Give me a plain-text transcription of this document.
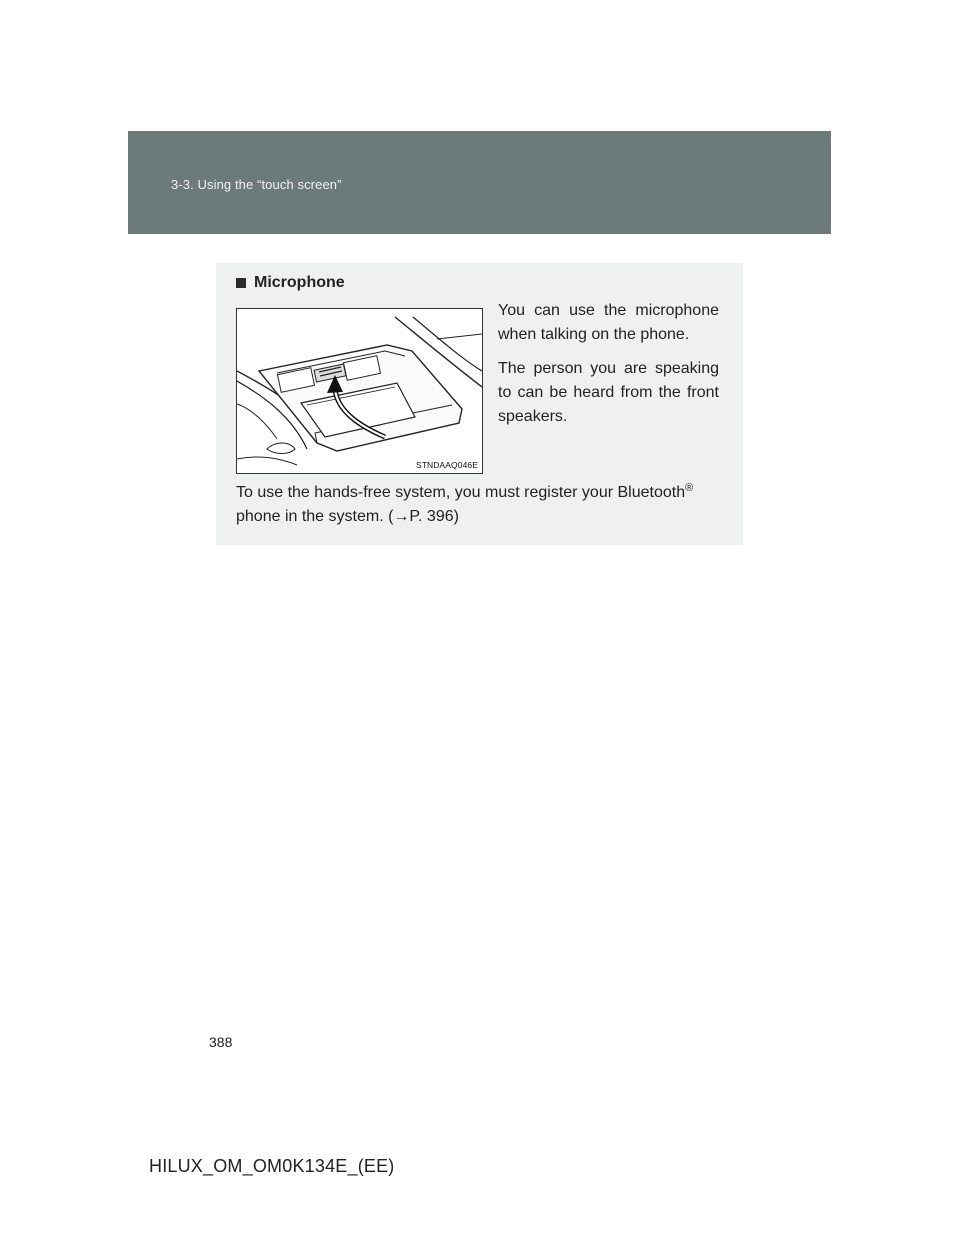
3-3. Using the “touch screen”
Microphone
STNDAAQ046E

You can use the microphone when talking on the phone.

The person you are speaking to can be heard from the front speakers.

To use the hands-free system, you must register your Bluetooth®
phone in the system. (→P. 396)
388
HILUX_OM_OM0K134E_(EE)
